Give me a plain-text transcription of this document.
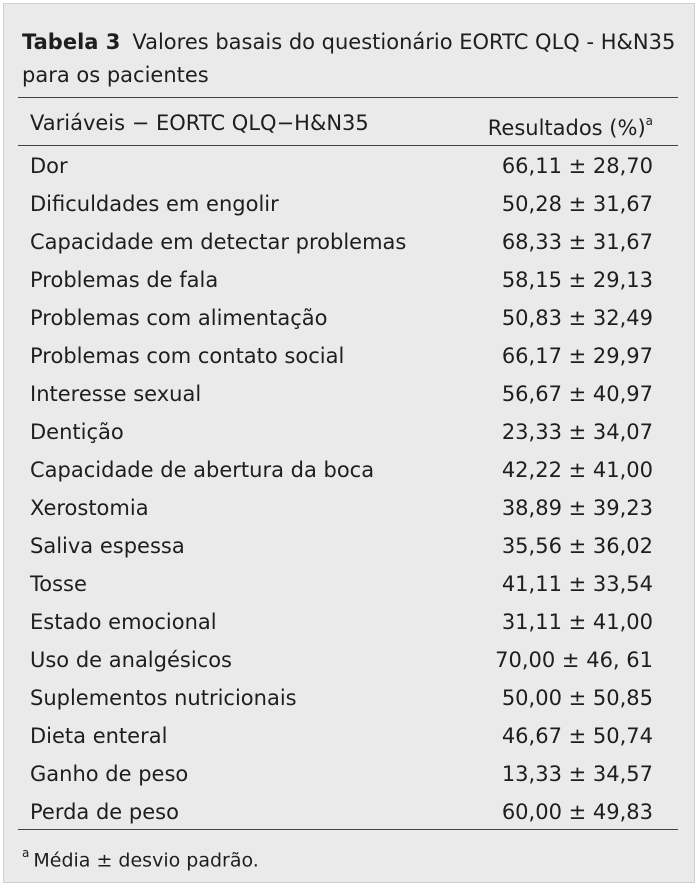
Tabela 3 Valores basais do questionário EORTC QLQ - H&N35 para os pacientes
Variáveis − EORTC QLQ−H&N35	Resultados (%)$^a$
Dor	66,11 ± 28,70
Dificuldades em engolir	50,28 ± 31,67
Capacidade em detectar problemas	68,33 ± 31,67
Problemas de fala	58,15 ± 29,13
Problemas com alimentação	50,83 ± 32,49
Problemas com contato social	66,17 ± 29,97
Interesse sexual	56,67 ± 40,97
Dentição	23,33 ± 34,07
Capacidade de abertura da boca	42,22 ± 41,00
Xerostomia	38,89 ± 39,23
Saliva espessa	35,56 ± 36,02
Tosse	41,11 ± 33,54
Estado emocional	31,11 ± 41,00
Uso de analgésicos	70,00 ± 46, 61
Suplementos nutricionais	50,00 ± 50,85
Dieta enteral	46,67 ± 50,74
Ganho de peso	13,33 ± 34,57
Perda de peso	60,00 ± 49,83
$^a$ Média ± desvio padrão.
